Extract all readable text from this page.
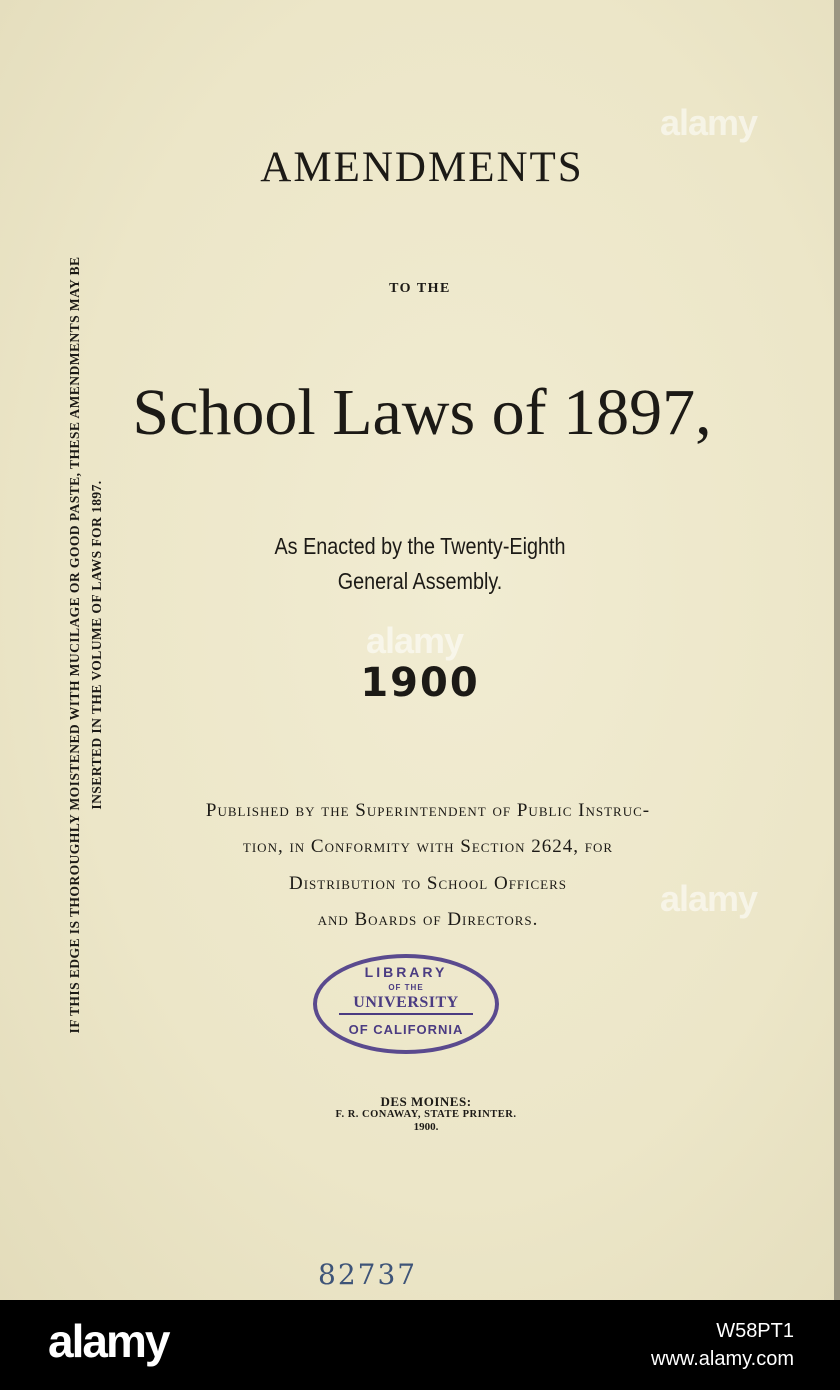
IF THIS EDGE IS THOROUGHLY MOISTENED WITH MUCILAGE OR GOOD PASTE, THESE AMENDMENTS MAY BE INSERTED IN THE VOLUME OF LAWS FOR 1897.
AMENDMENTS
TO THE
School Laws of 1897,
As Enacted by the Twenty-Eighth
General Assembly.
1900
Published by the Superintendent of Public Instruc-
tion, in Conformity with Section 2624, for
Distribution to School Officers
and Boards of Directors.
LIBRARY
OF THE
UNIVERSITY
OF CALIFORNIA
DES MOINES:
F. R. CONAWAY, STATE PRINTER.
1900.
82737
alamy
alamy
alamy
alamy	W58PT1
www.alamy.com
